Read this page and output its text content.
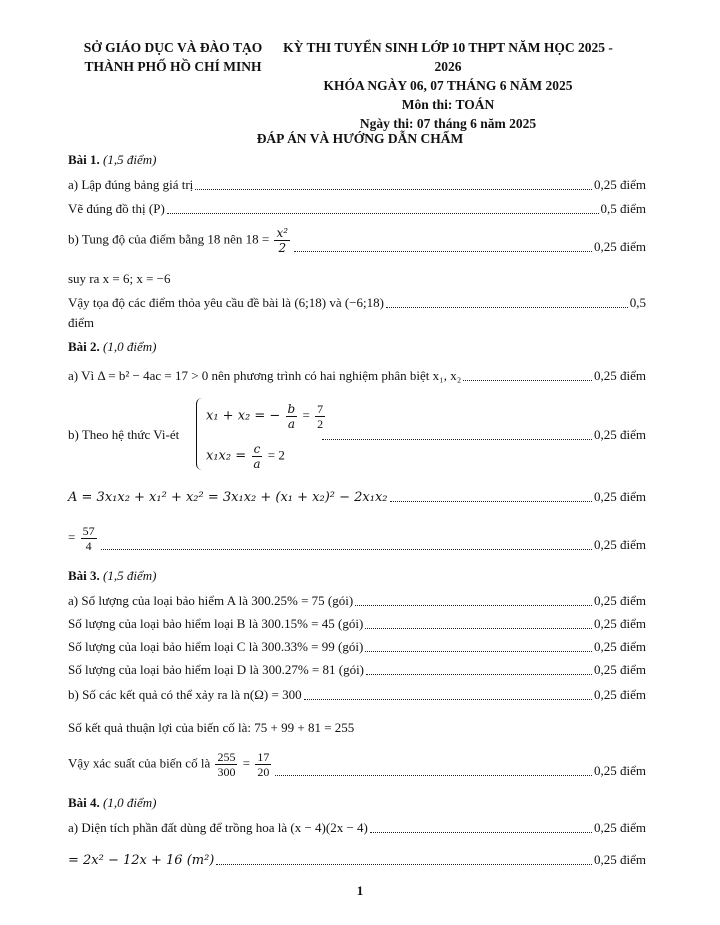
SỞ GIÁO DỤC VÀ ĐÀO TẠO
THÀNH PHỐ HỒ CHÍ MINH
KỲ THI TUYỂN SINH LỚP 10 THPT NĂM HỌC 2025 - 2026
KHÓA NGÀY 06, 07 THÁNG 6 NĂM 2025
Môn thi: TOÁN
Ngày thi: 07 tháng 6 năm 2025
ĐÁP ÁN VÀ HƯỚNG DẪN CHẤM
Bài 1. (1,5 điểm)
a) Lập đúng bảng giá trị	0,25 điểm
Vẽ đúng đồ thị (P)	0,5 điểm
b) Tung độ của điểm bằng 18 nên $18 = \frac{\text{x²}}{2}$	0,25 điểm
suy ra x = 6; x = −6
Vậy tọa độ các điểm thỏa yêu cầu đề bài là (6;18) và (−6;18)	0,5
điểm
Bài 2. (1,0 điểm)
a) Vì Δ = b² − 4ac = 17 > 0 nên phương trình có hai nghiệm phân biệt x₁, x₂	0,25 điểm
x₁ + x₂ = − $\frac{b}{a} = \frac{7}{2}$
b) Theo hệ thức Vi-ét	0,25 điểm
$x_1x_2 = \frac{c}{a} = 2$
A = 3x₁x₂ + x₁² + x₂² = 3x₁x₂ + (x₁ + x₂)² − 2x₁x₂	0,25 điểm
= $\frac{57}{4}$	0,25 điểm
Bài 3. (1,5 điểm)
a) Số lượng của loại bảo hiểm A là 300.25% = 75 (gói)	0,25 điểm
Số lượng của loại bảo hiểm loại B là 300.15% = 45 (gói)	0,25 điểm
Số lượng của loại bảo hiểm loại C là 300.33% = 99 (gói)	0,25 điểm
Số lượng của loại bảo hiểm loại D là 300.27% = 81 (gói)	0,25 điểm
b) Số các kết quả có thể xảy ra là n(Ω) = 300	0,25 điểm
Số kết quả thuận lợi của biến cố là: 75 + 99 + 81 = 255
Vậy xác suất của biến cố là $\frac{255}{300} = \frac{17}{20}$	0,25 điểm
Bài 4. (1,0 điểm)
a) Diện tích phần đất dùng để trồng hoa là (x − 4)(2x − 4)	0,25 điểm
= 2x² − 12x + 16 (m²)	0,25 điểm
1
